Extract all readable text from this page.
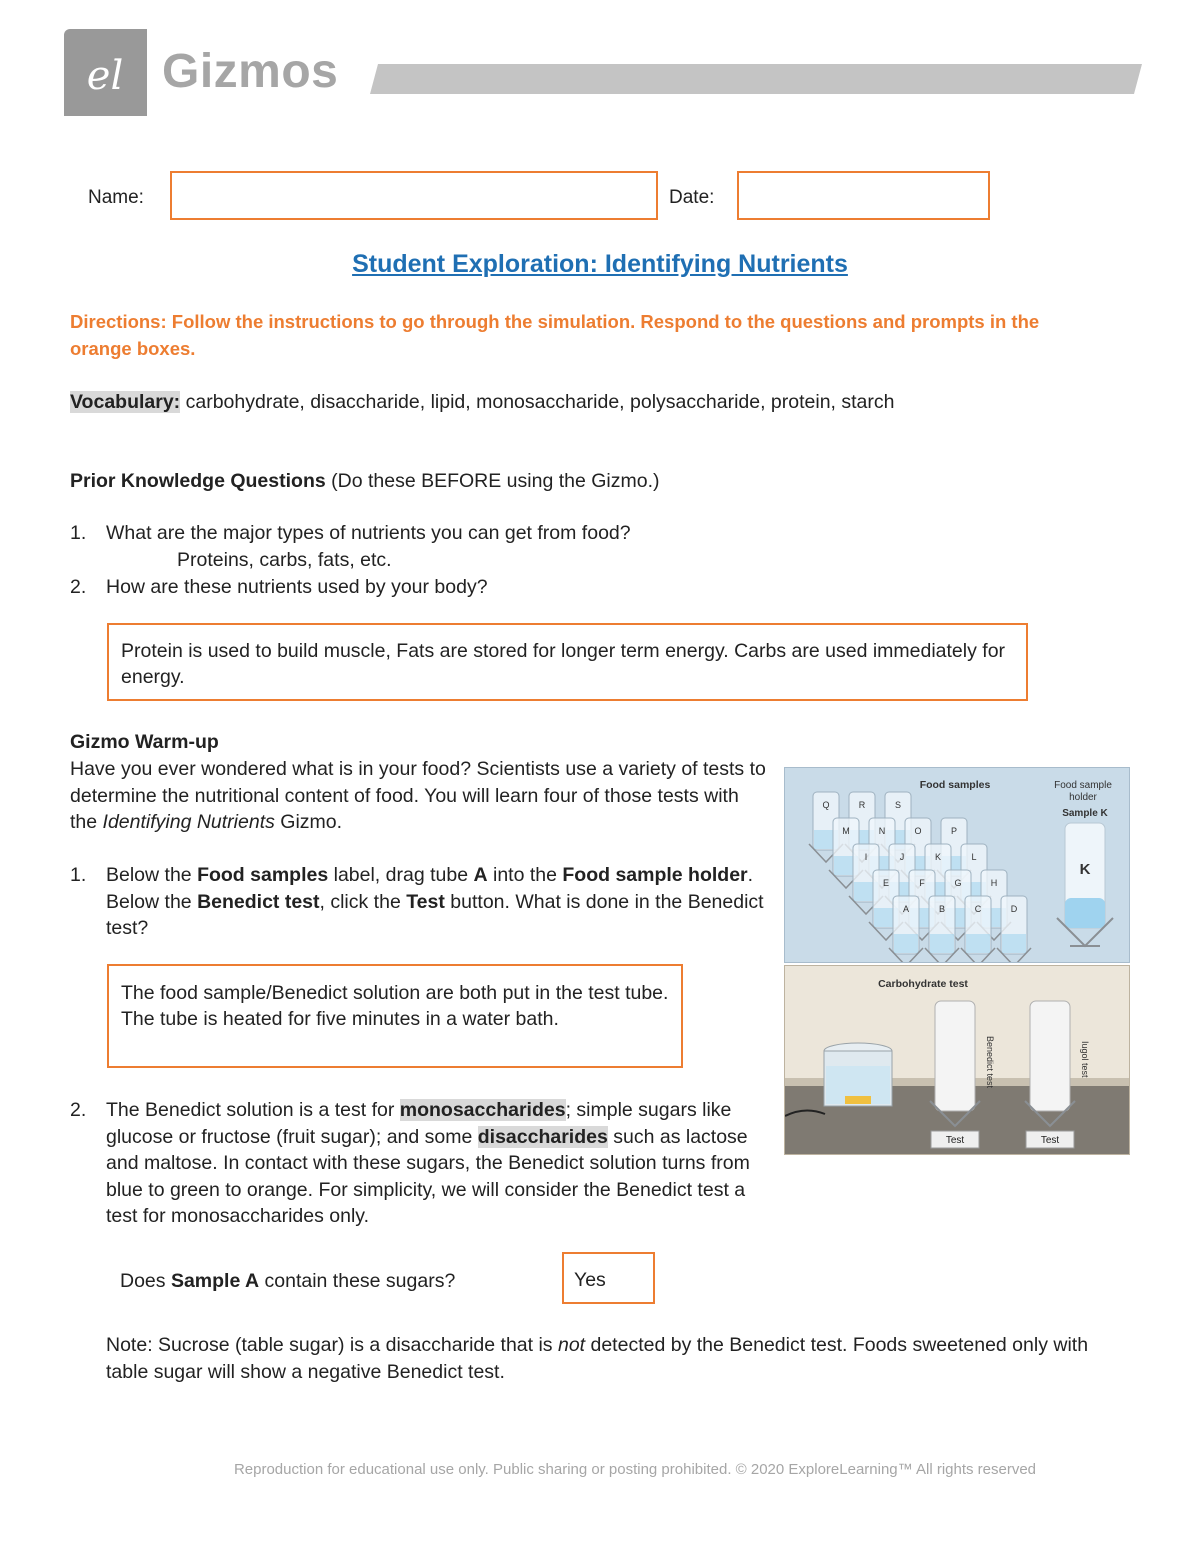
el Gizmos
Name:	Date:
Student Exploration: Identifying Nutrients
Directions: Follow the instructions to go through the simulation. Respond to the questions and prompts in the orange boxes.
Vocabulary: carbohydrate, disaccharide, lipid, monosaccharide, polysaccharide, protein, starch
Prior Knowledge Questions (Do these BEFORE using the Gizmo.)
1. What are the major types of nutrients you can get from food?
Proteins, carbs, fats, etc.
2. How are these nutrients used by your body?
Protein is used to build muscle, Fats are stored for longer term energy. Carbs are used immediately for energy.
Gizmo Warm-up
Have you ever wondered what is in your food? Scientists use a variety of tests to determine the nutritional content of food. You will learn four of those tests with the Identifying Nutrients Gizmo.
1. Below the Food samples label, drag tube A into the Food sample holder. Below the Benedict test, click the Test button. What is done in the Benedict test?
The food sample/Benedict solution are both put in the test tube. The tube is heated for five minutes in a water bath.
2. The Benedict solution is a test for monosaccharides; simple sugars like glucose or fructose (fruit sugar); and some disaccharides such as lactose and maltose. In contact with these sugars, the Benedict solution turns from blue to green to orange. For simplicity, we will consider the Benedict test a test for monosaccharides only.
Does Sample A contain these sugars?	Yes
Note: Sucrose (table sugar) is a disaccharide that is not detected by the Benedict test. Foods sweetened only with table sugar will show a negative Benedict test.
Food samples	Food sample
holder
Sample K
Q	R	S
M	N	O	P
I	J	K	L
E	F	G	H
A	B	C	D
K
Carbohydrate test
Benedict test	Iugol test
Test	Test
Reproduction for educational use only. Public sharing or posting prohibited. © 2020 ExploreLearning™ All rights reserved
